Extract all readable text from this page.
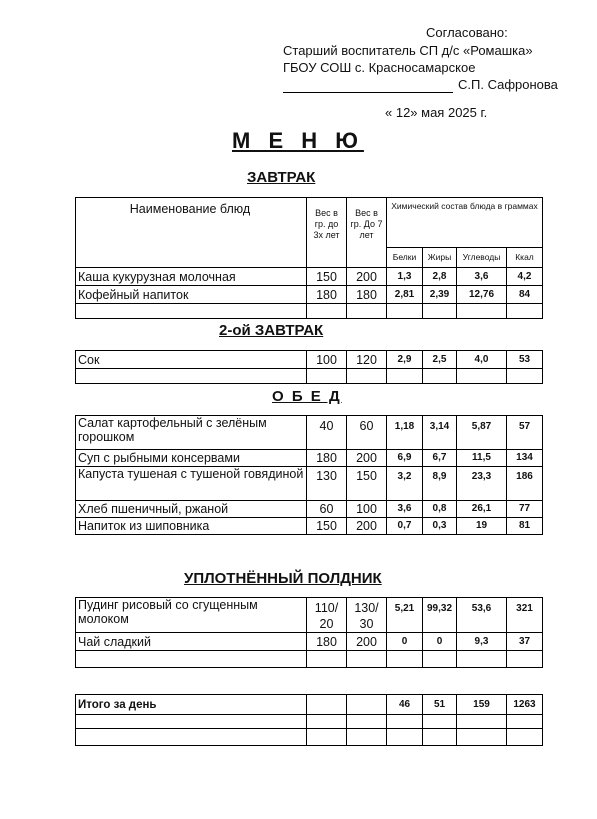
Согласовано:
Старший воспитатель СП д/с «Ромашка»
ГБОУ СОШ с. Красносамарское
С.П. Сафронова
« 12» мая 2025 г.
М Е Н Ю
ЗАВТРАК
Наименование блюд	Вес в гр. до 3х лет	Вес в гр. До 7 лет	Химический состав блюда в граммах			
			Белки	Жиры	Углеводы	Ккал
Каша кукурузная молочная	150	200	1,3	2,8	3,6	4,2
Кофейный напиток	180	180	2,81	2,39	12,76	84

2-ой ЗАВТРАК
Сок	100	120	2,9	2,5	4,0	53

О Б Е Д
Салат картофельный с зелёным горошком	40	60	1,18	3,14	5,87	57
Суп с рыбными консервами	180	200	6,9	6,7	11,5	134
Капуста тушеная с тушеной говядиной	130	150	3,2	8,9	23,3	186
Хлеб пшеничный, ржаной	60	100	3,6	0,8	26,1	77
Напиток из шиповника	150	200	0,7	0,3	19	81
УПЛОТНЁННЫЙ ПОЛДНИК
Пудинг рисовый со сгущенным молоком	110/ 20	130/ 30	5,21	99,32	53,6	321
Чай сладкий	180	200	0	0	9,3	37

Итого за день			46	51	159	1263
